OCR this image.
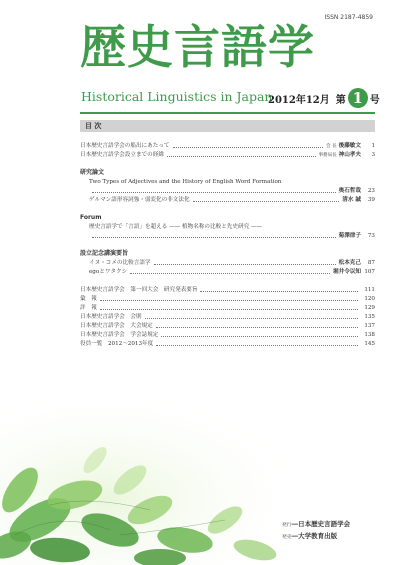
ISSN 2187-4859
歴史言語学
Historical Linguistics in Japan
2012年12月 第 1 号
目 次
日本歴史言語学会の船出にあたって	会 長 後藤敏文	1
日本歴史言語学会設立までの経緯	事務局長 神山孝夫	3
研究論文
Two Types of Adjectives and the History of English Word Formation
奥石哲哉	23
ゲルマン語形容詞強・弱変化の非文法化	清水 誠	39
Forum
歴史言語学で「言語」を超える —— 植物名称の比較と先史研究 ——
菊澤律子	73
設立記念講演要旨
イヌ・コメの比較言語学	松本克己	87
egoとワタクシ	堀井令以知 107
日本歴史言語学会　第一回大会　研究発表要旨	111
彙　報	120
評　報	129
日本歴史言語学会　会則	135
日本歴史言語学会　大会規定	137
日本歴史言語学会　学会誌規定	138
役員一覧　2012～2013年度	145
発行―日本歴史言語学会
発売―大学教育出版
